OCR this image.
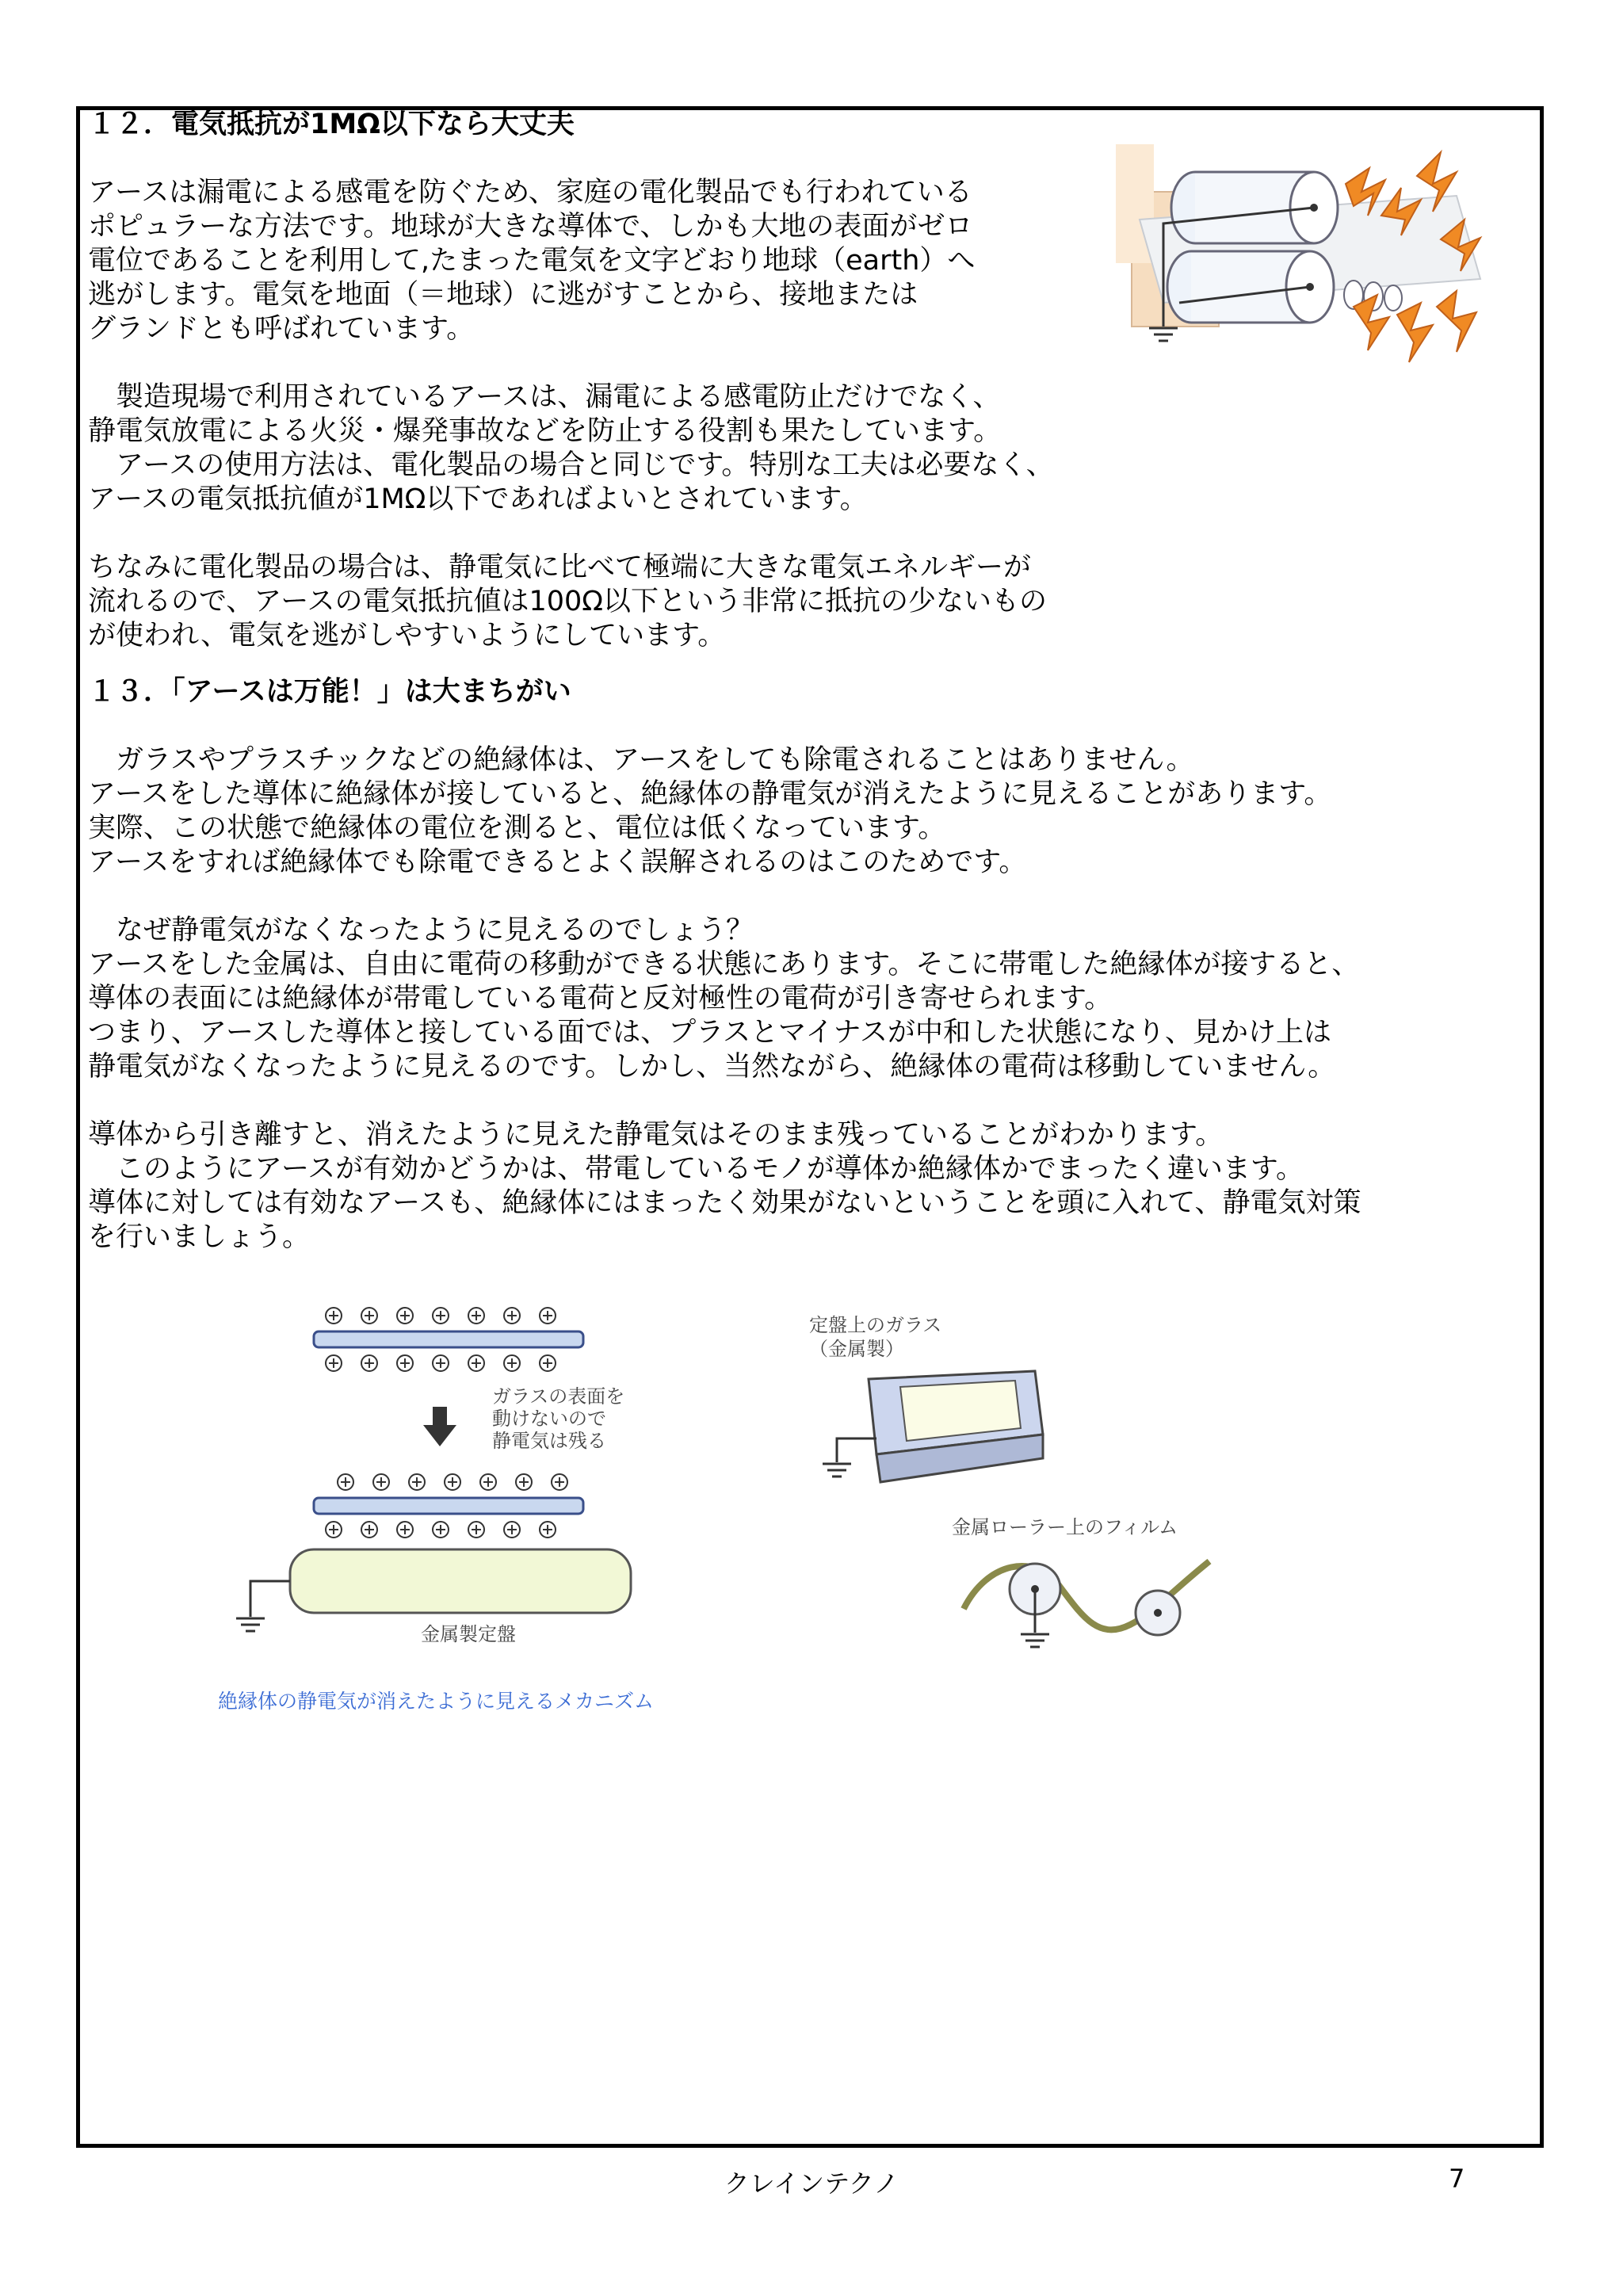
１２．電気抵抗が1MΩ以下なら大丈夫
アースは漏電による感電を防ぐため、家庭の電化製品でも行われている
ポピュラーな方法です。地球が大きな導体で、しかも大地の表面がゼロ
電位であることを利用して,たまった電気を文字どおり地球（earth）へ
逃がします。電気を地面（＝地球）に逃がすことから、接地または
グランドとも呼ばれています。
　製造現場で利用されているアースは、漏電による感電防止だけでなく、
静電気放電による火災・爆発事故などを防止する役割も果たしています。
　アースの使用方法は、電化製品の場合と同じです。特別な工夫は必要なく、
アースの電気抵抗値が1MΩ以下であればよいとされています。
ちなみに電化製品の場合は、静電気に比べて極端に大きな電気エネルギーが
流れるので、アースの電気抵抗値は100Ω以下という非常に抵抗の少ないもの
が使われ、電気を逃がしやすいようにしています。
１３．「アースは万能！」は大まちがい
　ガラスやプラスチックなどの絶縁体は、アースをしても除電されることはありません。
アースをした導体に絶縁体が接していると、絶縁体の静電気が消えたように見えることがあります。
実際、この状態で絶縁体の電位を測ると、電位は低くなっています。
アースをすれば絶縁体でも除電できるとよく誤解されるのはこのためです。
　なぜ静電気がなくなったように見えるのでしょう？
アースをした金属は、自由に電荷の移動ができる状態にあります。そこに帯電した絶縁体が接すると、
導体の表面には絶縁体が帯電している電荷と反対極性の電荷が引き寄せられます。
つまり、アースした導体と接している面では、プラスとマイナスが中和した状態になり、見かけ上は
静電気がなくなったように見えるのです。しかし、当然ながら、絶縁体の電荷は移動していません。
導体から引き離すと、消えたように見えた静電気はそのまま残っていることがわかります。
　このようにアースが有効かどうかは、帯電しているモノが導体か絶縁体かでまったく違います。
導体に対しては有効なアースも、絶縁体にはまったく効果がないということを頭に入れて、静電気対策
を行いましょう。
ガラスの表面を
動けないので
静電気は残る
金属製定盤
定盤上のガラス
（金属製）
金属ローラー上のフィルム
絶縁体の静電気が消えたように見えるメカニズム
クレインテクノ	7
